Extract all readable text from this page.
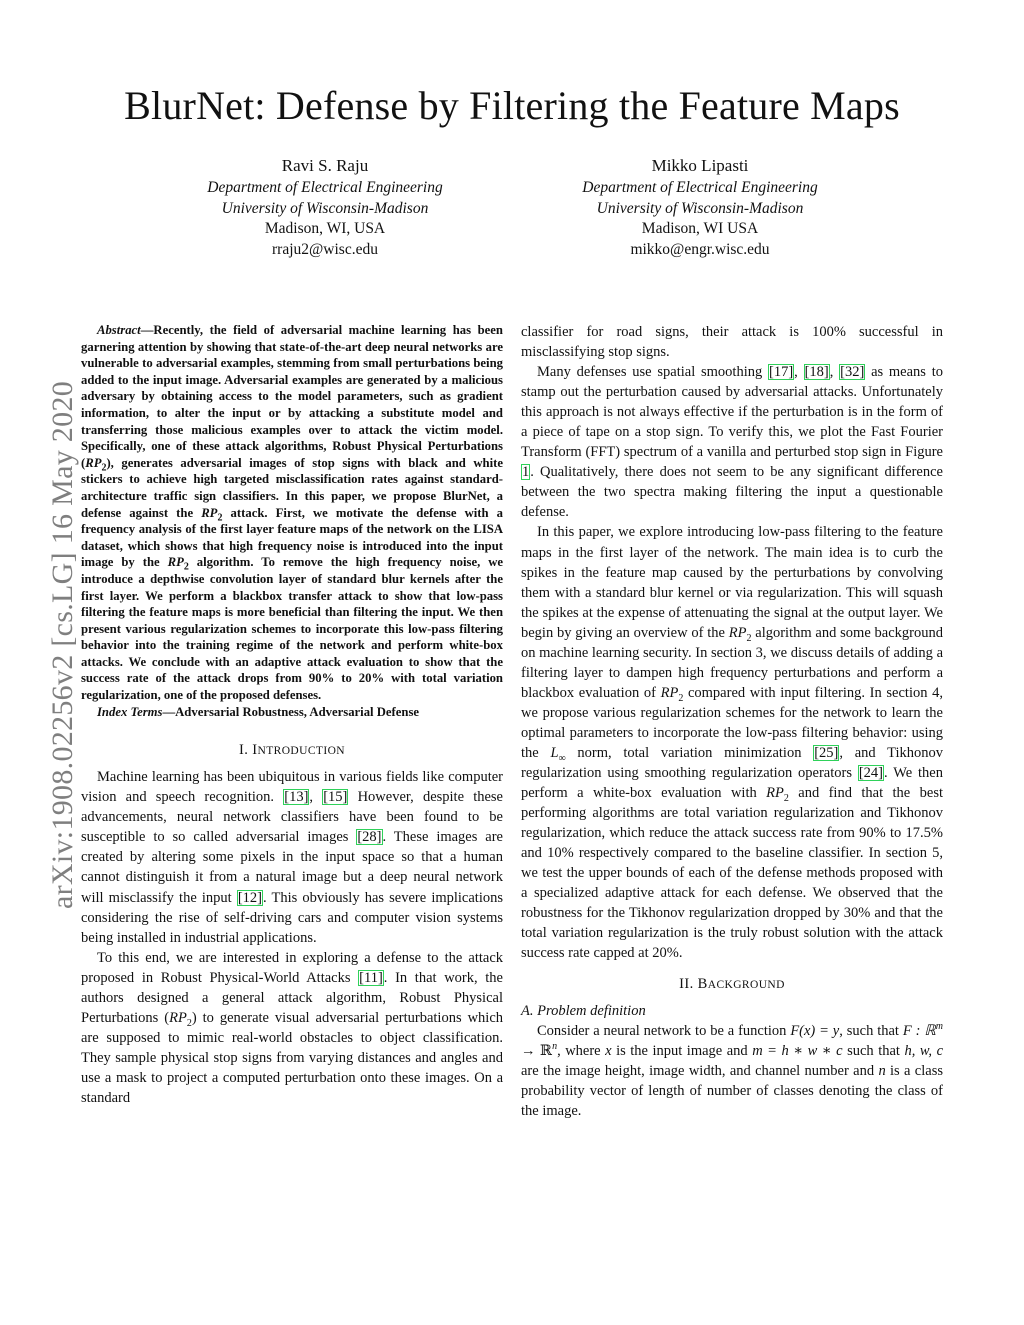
BlurNet: Defense by Filtering the Feature Maps
Ravi S. Raju
Department of Electrical Engineering
University of Wisconsin-Madison
Madison, WI, USA
rraju2@wisc.edu
Mikko Lipasti
Department of Electrical Engineering
University of Wisconsin-Madison
Madison, WI USA
mikko@engr.wisc.edu
arXiv:1908.02256v2 [cs.LG] 16 May 2020

Abstract—Recently, the field of adversarial machine learning has been garnering attention by showing that state-of-the-art deep neural networks are vulnerable to adversarial examples, stemming from small perturbations being added to the input image. Adversarial examples are generated by a malicious adversary by obtaining access to the model parameters, such as gradient information, to alter the input or by attacking a substitute model and transferring those malicious examples over to attack the victim model. Specifically, one of these attack algorithms, Robust Physical Perturbations $(RP_2)$, generates adversarial images of stop signs with black and white stickers to achieve high targeted misclassification rates against standard-architecture traffic sign classifiers. In this paper, we propose BlurNet, a defense against the $RP_2$ attack. First, we motivate the defense with a frequency analysis of the first layer feature maps of the network on the LISA dataset, which shows that high frequency noise is introduced into the input image by the $RP_2$ algorithm. To remove the high frequency noise, we introduce a depthwise convolution layer of standard blur kernels after the first layer. We perform a blackbox transfer attack to show that low-pass filtering the feature maps is more beneficial than filtering the input. We then present various regularization schemes to incorporate this low-pass filtering behavior into the training regime of the network and perform white-box attacks. We conclude with an adaptive attack evaluation to show that the success rate of the attack drops from 90% to 20% with total variation regularization, one of the proposed defenses.

Index Terms—Adversarial Robustness, Adversarial Defense

I. INTRODUCTION

Machine learning has been ubiquitous in various fields like computer vision and speech recognition. [13], [15] However, despite these advancements, neural network classifiers have been found to be susceptible to so called adversarial images [28]. These images are created by altering some pixels in the input space so that a human cannot distinguish it from a natural image but a deep neural network will misclassify the input [12]. This obviously has severe implications considering the rise of self-driving cars and computer vision systems being installed in industrial applications.

To this end, we are interested in exploring a defense to the attack proposed in Robust Physical-World Attacks [11]. In that work, the authors designed a general attack algorithm, Robust Physical Perturbations $(RP_2)$ to generate visual adversarial perturbations which are supposed to mimic real-world obstacles to object classification. They sample physical stop signs from varying distances and angles and use a mask to project a computed perturbation onto these images. On a standard

classifier for road signs, their attack is 100% successful in misclassifying stop signs.

Many defenses use spatial smoothing [17], [18], [32] as means to stamp out the perturbation caused by adversarial attacks. Unfortunately this approach is not always effective if the perturbation is in the form of a piece of tape on a stop sign. To verify this, we plot the Fast Fourier Transform (FFT) spectrum of a vanilla and perturbed stop sign in Figure 1. Qualitatively, there does not seem to be any significant difference between the two spectra making filtering the input a questionable defense.

In this paper, we explore introducing low-pass filtering to the feature maps in the first layer of the network. The main idea is to curb the spikes in the feature map caused by the perturbations by convolving them with a standard blur kernel or via regularization. This will squash the spikes at the expense of attenuating the signal at the output layer. We begin by giving an overview of the $RP_2$ algorithm and some background on machine learning security. In section 3, we discuss details of adding a filtering layer to dampen high frequency perturbations and perform a blackbox evaluation of $RP_2$ compared with input filtering. In section 4, we propose various regularization schemes for the network to learn the optimal parameters to incorporate the low-pass filtering behavior: using the $L_\infty$ norm, total variation minimization [25], and Tikhonov regularization using smoothing regularization operators [24]. We then perform a white-box evaluation with $RP_2$ and find that the best performing algorithms are total variation regularization and Tikhonov regularization, which reduce the attack success rate from 90% to 17.5% and 10% respectively compared to the baseline classifier. In section 5, we test the upper bounds of each of the defense methods proposed with a specialized adaptive attack for each defense. We observed that the robustness for the Tikhonov regularization dropped by 30% and that the total variation regularization is the truly robust solution with the attack success rate capped at 20%.

II. BACKGROUND
A. Problem definition

Consider a neural network to be a function F(x) = y, such that F : ℝ$^m$ → ℝ$^n$, where x is the input image and m = h ∗ w ∗ c such that h, w, c are the image height, image width, and channel number and n is a class probability vector of length of number of classes denoting the class of the image.
